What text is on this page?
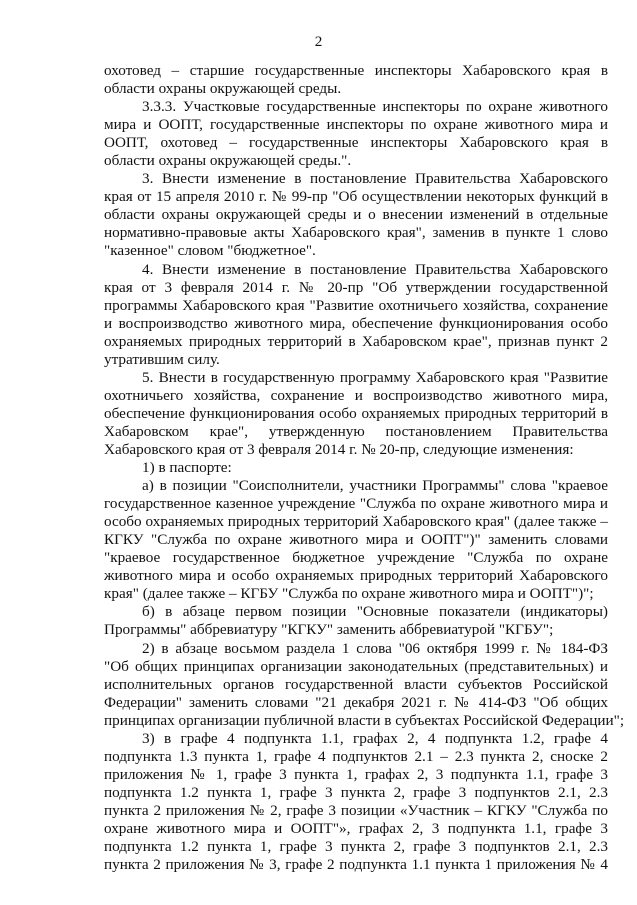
2
охотовед – старшие государственные инспекторы Хабаровского края в
области охраны окружающей среды.
3.3.3. Участковые государственные инспекторы по охране животного
мира и ООПТ, государственные инспекторы по охране животного мира и
ООПТ, охотовед – государственные инспекторы Хабаровского края в
области охраны окружающей среды.".
3. Внести изменение в постановление Правительства Хабаровского
края от 15 апреля 2010 г. № 99-пр "Об осуществлении некоторых функций в
области охраны окружающей среды и о внесении изменений в отдельные
нормативно-правовые акты Хабаровского края", заменив в пункте 1 слово
"казенное" словом "бюджетное".
4. Внести изменение в постановление Правительства Хабаровского
края от 3 февраля 2014 г. № 20-пр "Об утверждении государственной
программы Хабаровского края "Развитие охотничьего хозяйства, сохранение
и воспроизводство животного мира, обеспечение функционирования особо
охраняемых природных территорий в Хабаровском крае", признав пункт 2
утратившим силу.
5. Внести в государственную программу Хабаровского края "Развитие
охотничьего хозяйства, сохранение и воспроизводство животного мира,
обеспечение функционирования особо охраняемых природных территорий в
Хабаровском крае", утвержденную постановлением Правительства
Хабаровского края от 3 февраля 2014 г. № 20-пр, следующие изменения:
1) в паспорте:
а) в позиции "Соисполнители, участники Программы" слова "краевое
государственное казенное учреждение "Служба по охране животного мира и
особо охраняемых природных территорий Хабаровского края" (далее также –
КГКУ "Служба по охране животного мира и ООПТ")" заменить словами
"краевое государственное бюджетное учреждение "Служба по охране
животного мира и особо охраняемых природных территорий Хабаровского
края" (далее также – КГБУ "Служба по охране животного мира и ООПТ")";
б) в абзаце первом позиции "Основные показатели (индикаторы)
Программы" аббревиатуру "КГКУ" заменить аббревиатурой "КГБУ";
2) в абзаце восьмом раздела 1 слова "06 октября 1999 г. № 184-ФЗ
"Об общих принципах организации законодательных (представительных) и
исполнительных органов государственной власти субъектов Российской
Федерации" заменить словами "21 декабря 2021 г. № 414-ФЗ "Об общих
принципах организации публичной власти в субъектах Российской Федерации";
3) в графе 4 подпункта 1.1, графах 2, 4 подпункта 1.2, графе 4
подпункта 1.3 пункта 1, графе 4 подпунктов 2.1 – 2.3 пункта 2, сноске 2
приложения № 1, графе 3 пункта 1, графах 2, 3 подпункта 1.1, графе 3
подпункта 1.2 пункта 1, графе 3 пункта 2, графе 3 подпунктов 2.1, 2.3
пункта 2 приложения № 2, графе 3 позиции «Участник – КГКУ "Служба по
охране животного мира и ООПТ"», графах 2, 3 подпункта 1.1, графе 3
подпункта 1.2 пункта 1, графе 3 пункта 2, графе 3 подпунктов 2.1, 2.3
пункта 2 приложения № 3, графе 2 подпункта 1.1 пункта 1 приложения № 4
